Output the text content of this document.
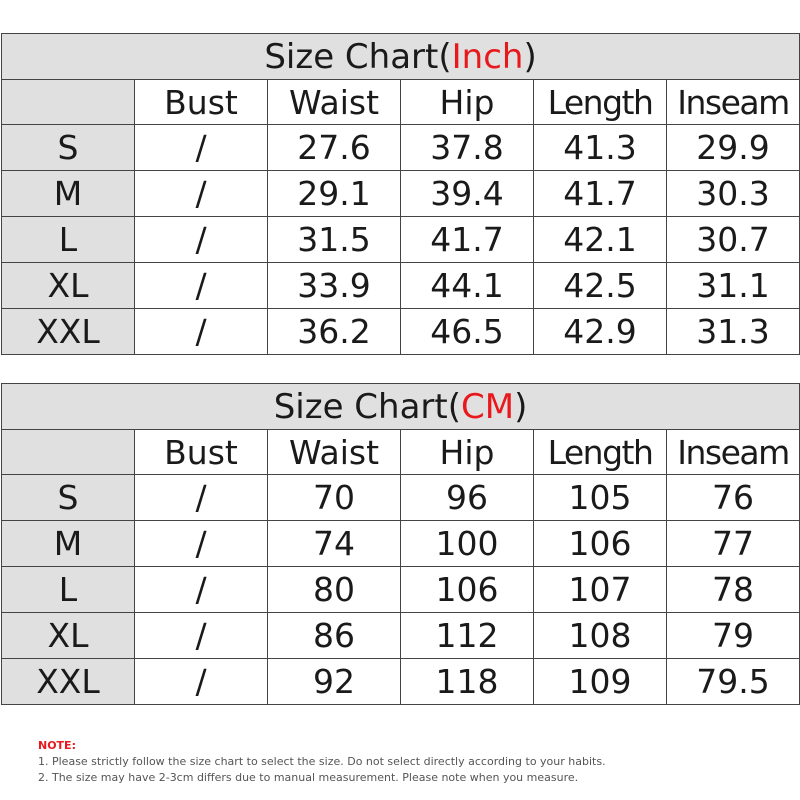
Size Chart(Inch)					
	Bust	Waist	Hip	Length	Inseam
S	/	27.6	37.8	41.3	29.9
M	/	29.1	39.4	41.7	30.3
L	/	31.5	41.7	42.1	30.7
XL	/	33.9	44.1	42.5	31.1
XXL	/	36.2	46.5	42.9	31.3
Size Chart(CM)					
	Bust	Waist	Hip	Length	Inseam
S	/	70	96	105	76
M	/	74	100	106	77
L	/	80	106	107	78
XL	/	86	112	108	79
XXL	/	92	118	109	79.5
NOTE:
1. Please strictly follow the size chart to select the size. Do not select directly according to your habits.
2. The size may have 2-3cm differs due to manual measurement. Please note when you measure.
